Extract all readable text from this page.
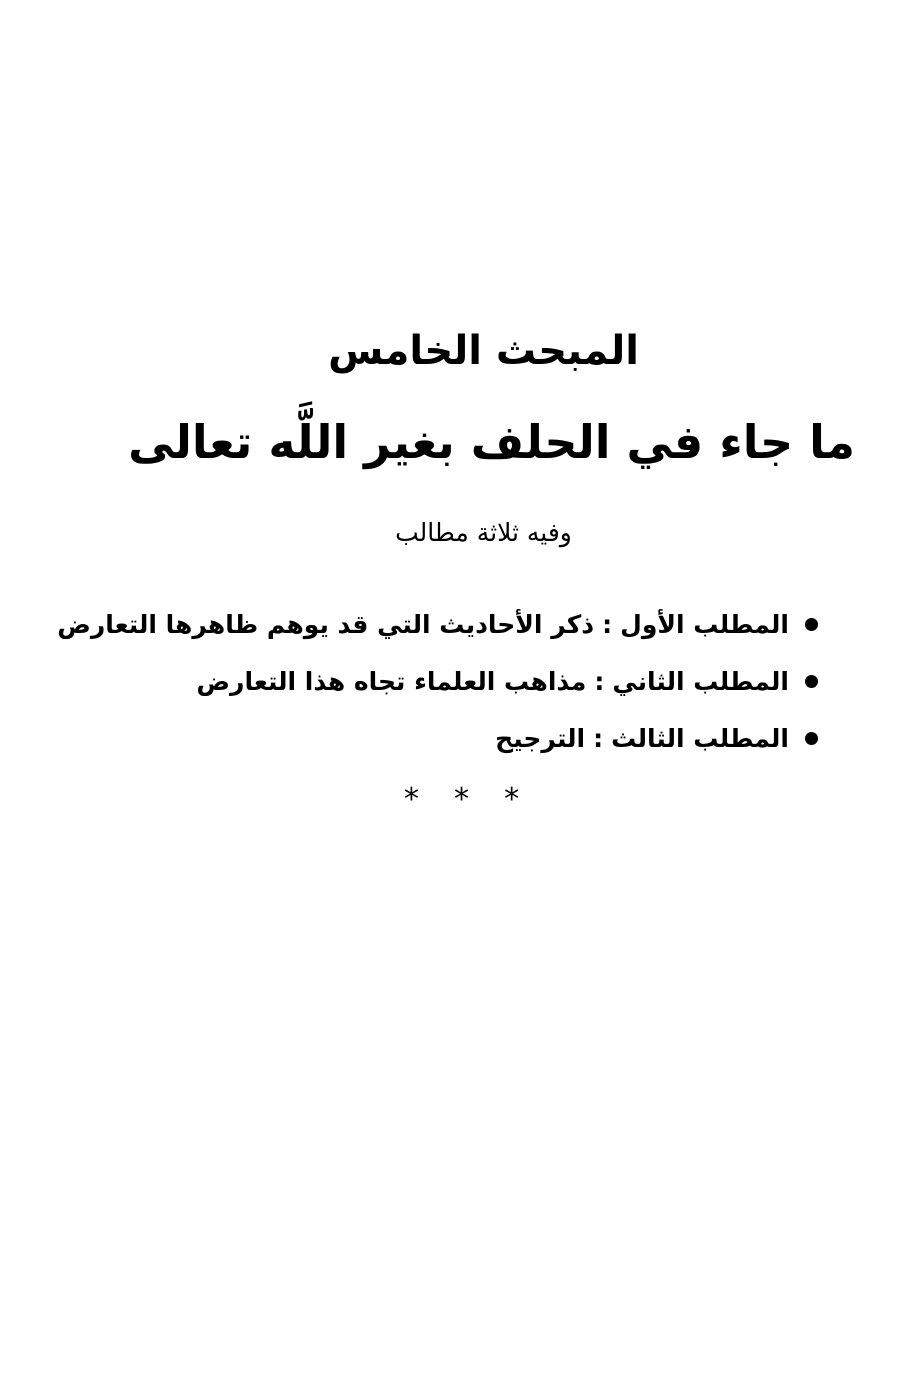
المبحث الخامس
ما جاء في الحلف بغير اللَّه تعالى
وفيه ثلاثة مطالب
المطلب الأول
:
ذكر الأحاديث التي قد يوهم ظاهرها التعارض
المطلب الثاني
:
مذاهب العلماء تجاه هذا التعارض
المطلب الثالث
:
الترجيح
* * *
